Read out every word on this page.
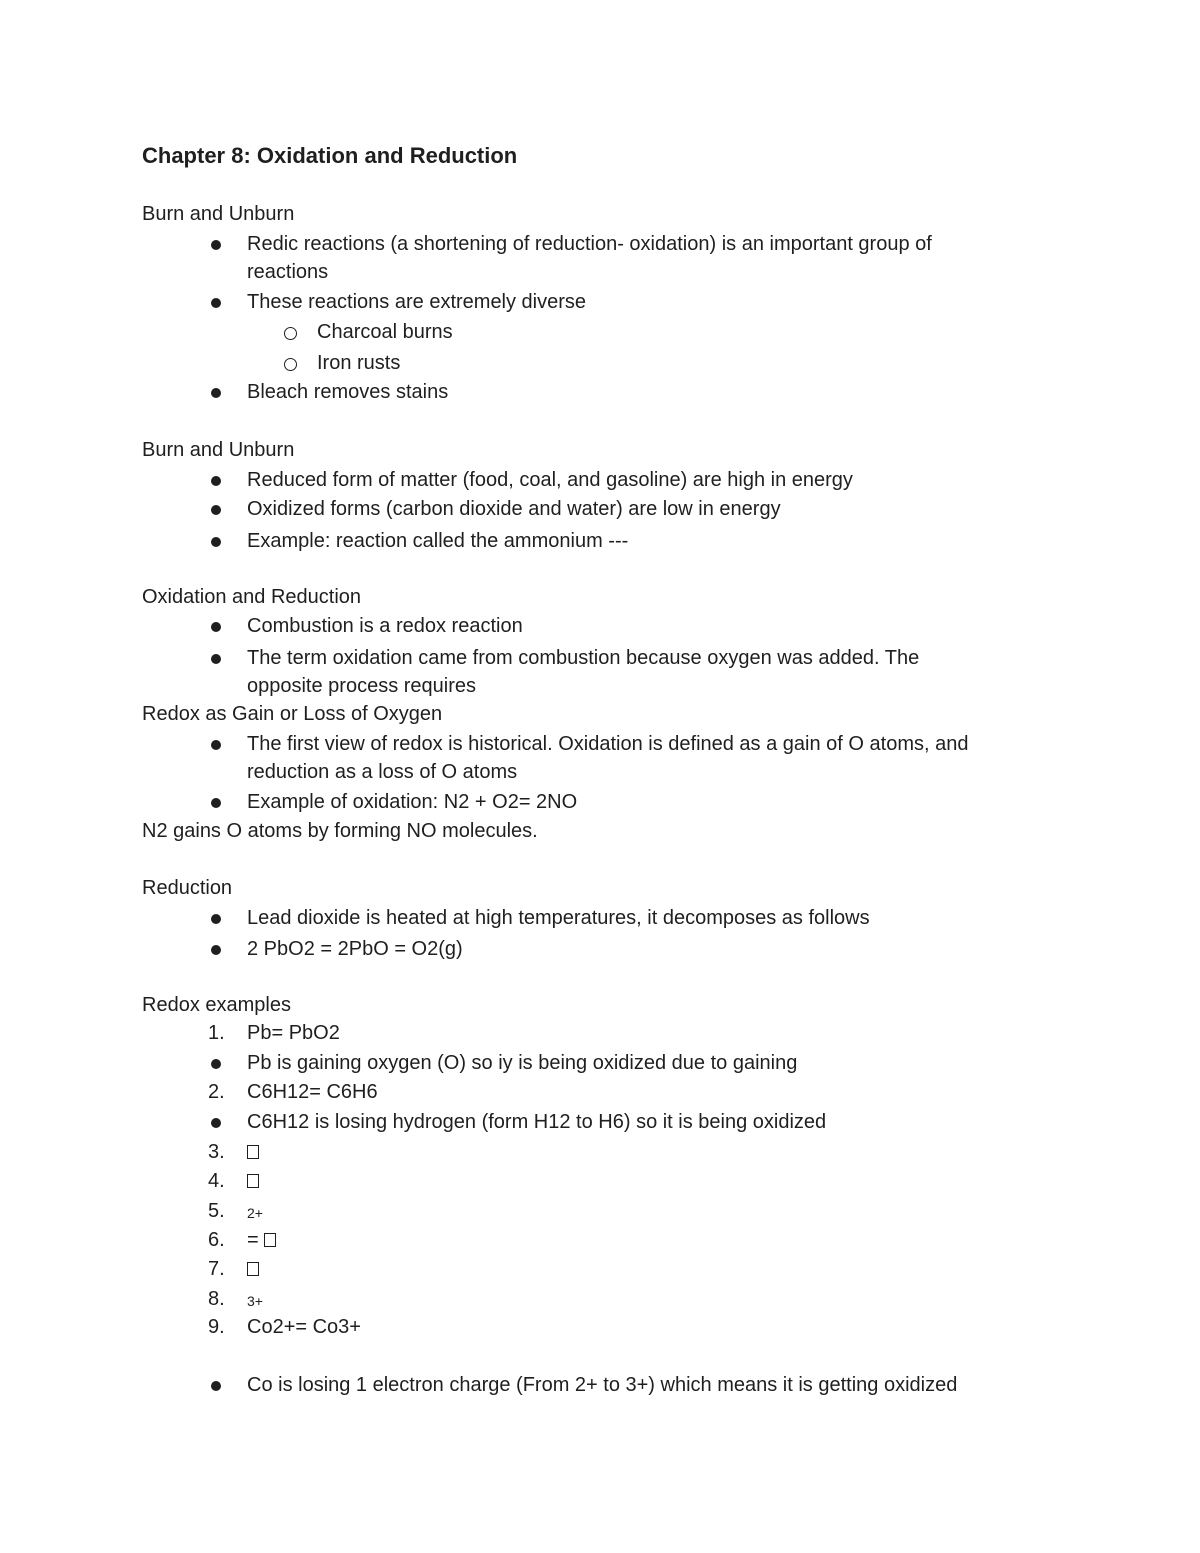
Chapter 8: Oxidation and Reduction
Burn and Unburn
Redic reactions (a shortening of reduction- oxidation) is an important group of
reactions
These reactions are extremely diverse
Charcoal burns
Iron rusts
Bleach removes stains
Burn and Unburn
Reduced form of matter (food, coal, and gasoline) are high in energy
Oxidized forms (carbon dioxide and water) are low in energy
Example: reaction called the ammonium ---
Oxidation and Reduction
Combustion is a redox reaction
The term oxidation came from combustion because oxygen was added. The
opposite process requires
Redox as Gain or Loss of Oxygen
The first view of redox is historical. Oxidation is defined as a gain of O atoms, and
reduction as a loss of O atoms
Example of oxidation: N2 + O2= 2NO
N2 gains O atoms by forming NO molecules.
Reduction
Lead dioxide is heated at high temperatures, it decomposes as follows
2 PbO2 = 2PbO = O2(g)
Redox examples
1.	Pb= PbO2
Pb is gaining oxygen (O) so iy is being oxidized due to gaining
2.	C6H12= C6H6
C6H12 is losing hydrogen (form H12 to H6) so it is being oxidized
3.
4.
5.	2+
6.	=
7.
8.	3+
9.	Co2+= Co3+
Co is losing 1 electron charge (From 2+ to 3+) which means it is getting oxidized
